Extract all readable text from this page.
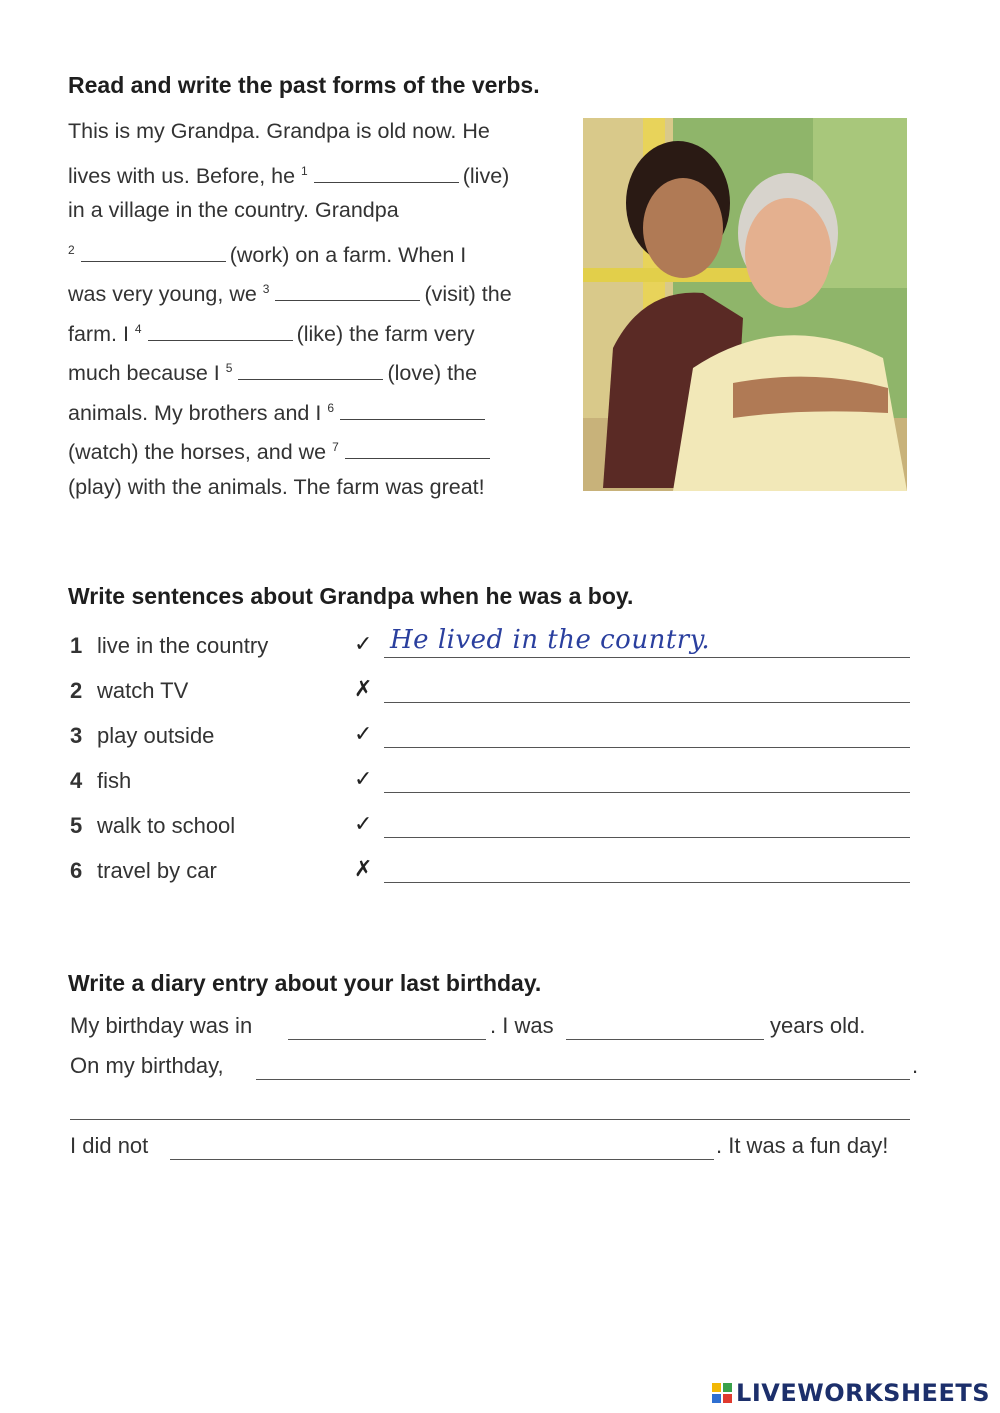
Read and write the past forms of the verbs.
This is my Grandpa. Grandpa is old now. He
lives with us. Before, he $^1$	(live)
in a village in the country. Grandpa
$^2$	(work) on a farm. When I
was very young, we $^3$	(visit) the
farm. I $^4$	(like) the farm very
much because I $^5$	(love) the
animals. My brothers and I $^6$
(watch) the horses, and we $^7$
(play) with the animals. The farm was great!
Write sentences about Grandpa when he was a boy.
1 live in the country	✓ He lived in the country.
2 watch TV	✗
3 play outside	✓
4 fish	✓
5 walk to school	✓
6 travel by car	✗
Write a diary entry about your last birthday.
My birthday was in	. I was	years old.
On my birthday,	.
I did not	. It was a fun day!
LIVEWORKSHEETS
